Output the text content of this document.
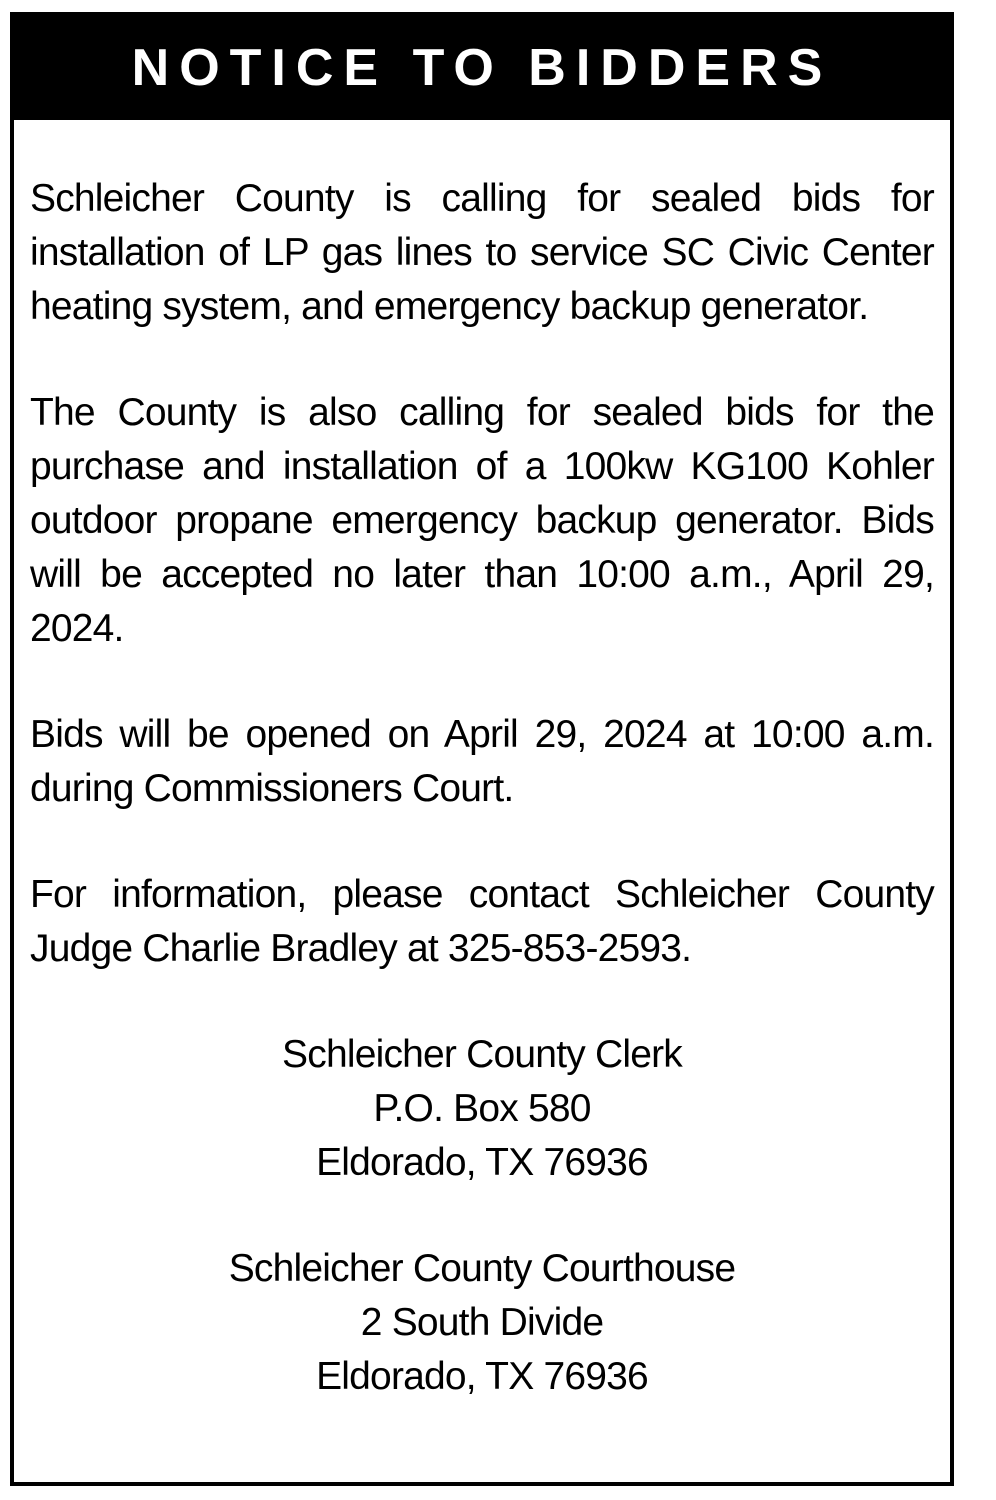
NOTICE TO BIDDERS

Schleicher County is calling for sealed bids for installation of LP gas lines to service SC Civic Center heating system, and emergency backup generator.

The County is also calling for sealed bids for the purchase and installation of a 100kw KG100 Kohler outdoor propane emergency backup generator. Bids will be accepted no later than 10:00 a.m., April 29, 2024.

Bids will be opened on April 29, 2024 at 10:00 a.m. during Commissioners Court.

For information, please contact Schleicher County Judge Charlie Bradley at 325-853-2593.

Schleicher County Clerk
P.O. Box 580
Eldorado, TX 76936
Schleicher County Courthouse
2 South Divide
Eldorado, TX 76936
